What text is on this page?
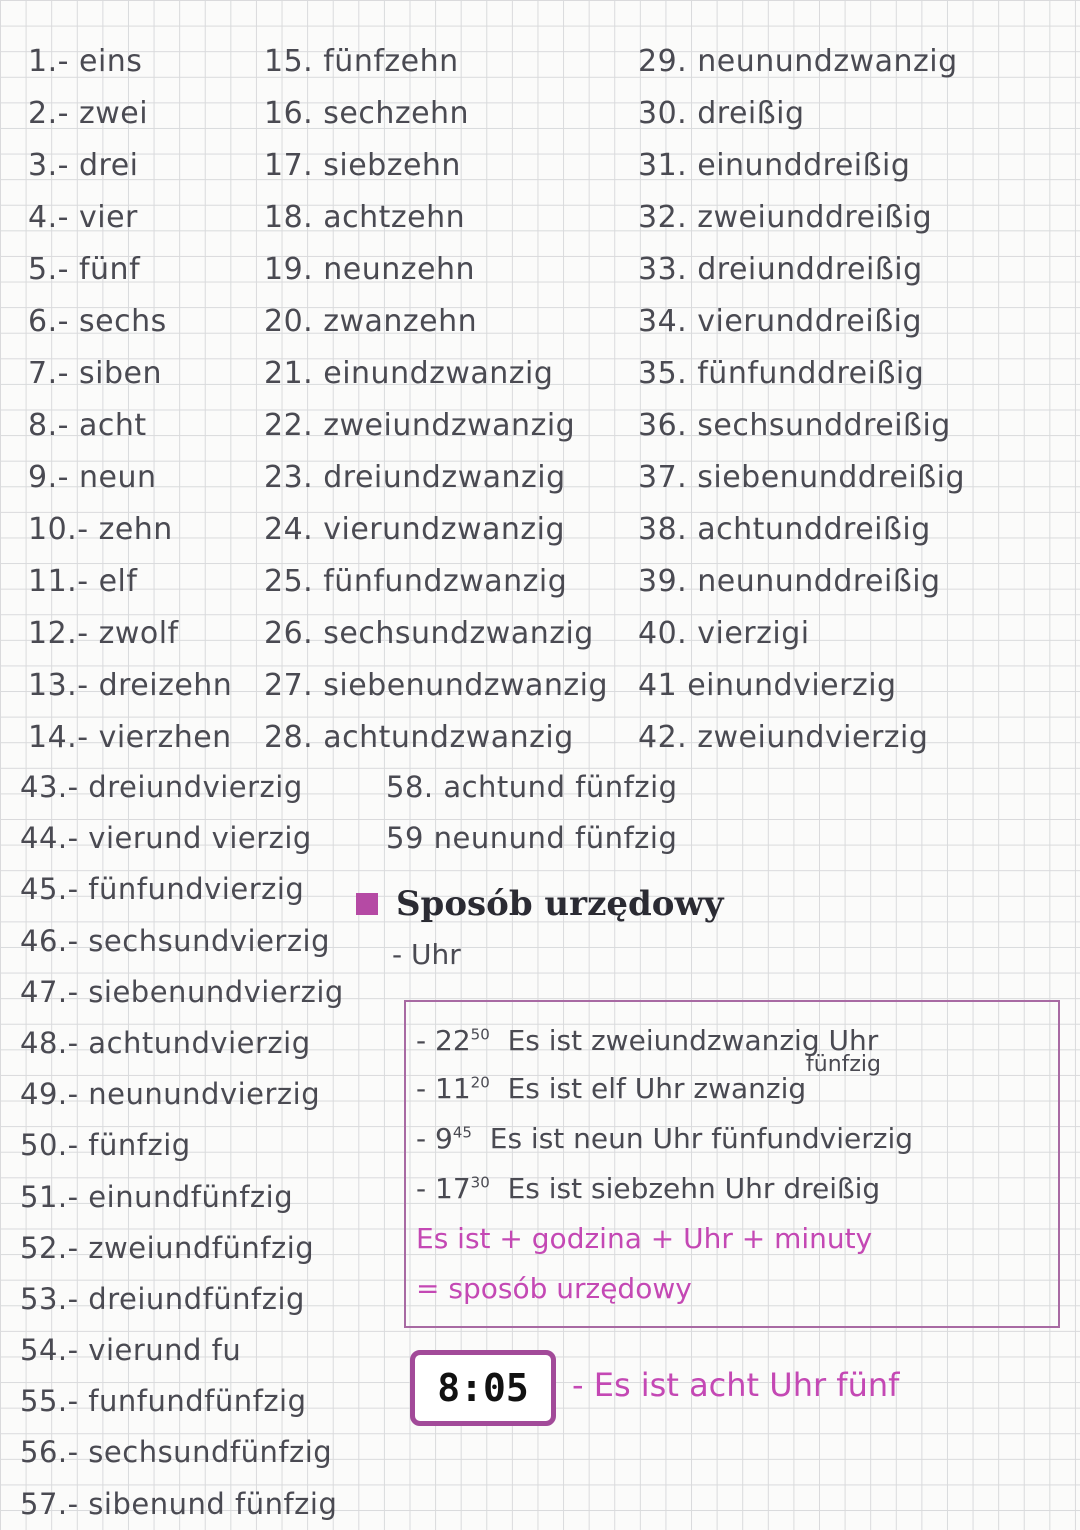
1.- eins
2.- zwei
3.- drei
4.- vier
5.- fünf
6.- sechs
7.- siben
8.- acht
9.- neun
10.- zehn
11.- elf
12.- zwolf
13.- dreizehn
14.- vierzhen
15. fünfzehn
16. sechzehn
17. siebzehn
18. achtzehn
19. neunzehn
20. zwanzehn
21. einundzwanzig
22. zweiundzwanzig
23. dreiundzwanzig
24. vierundzwanzig
25. fünfundzwanzig
26. sechsundzwanzig
27. siebenundzwanzig
28. achtundzwanzig
29. neunundzwanzig
30. dreißig
31. einunddreißig
32. zweiunddreißig
33. dreiunddreißig
34. vierunddreißig
35. fünfunddreißig
36. sechsunddreißig
37. siebenunddreißig
38. achtunddreißig
39. neununddreißig
40. vierzigi
41 einundvierzig
42. zweiundvierzig
43.- dreiundvierzig
44.- vierund vierzig
45.- fünfundvierzig
46.- sechsundvierzig
47.- siebenundvierzig
48.- achtundvierzig
49.- neunundvierzig
50.- fünfzig
51.- einundfünfzig
52.- zweiundfünfzig
53.- dreiundfünfzig
54.- vierund fu
55.- funfundfünfzig
56.- sechsundfünfzig
57.- sibenund fünfzig
58. achtund fünfzig
59 neunund fünfzig
Sposób urzędowy
- Uhr
- $22^{50}$ Es ist zweiundzwanzig Uhr
fünfzig
- $11^{20}$ Es ist elf Uhr zwanzig
- $9^{45}$ Es ist neun Uhr fünfundvierzig
- $17^{30}$ Es ist siebzehn Uhr dreißig
Es ist + godzina + Uhr + minuty
= sposób urzędowy
8:05	- Es ist acht Uhr fünf
